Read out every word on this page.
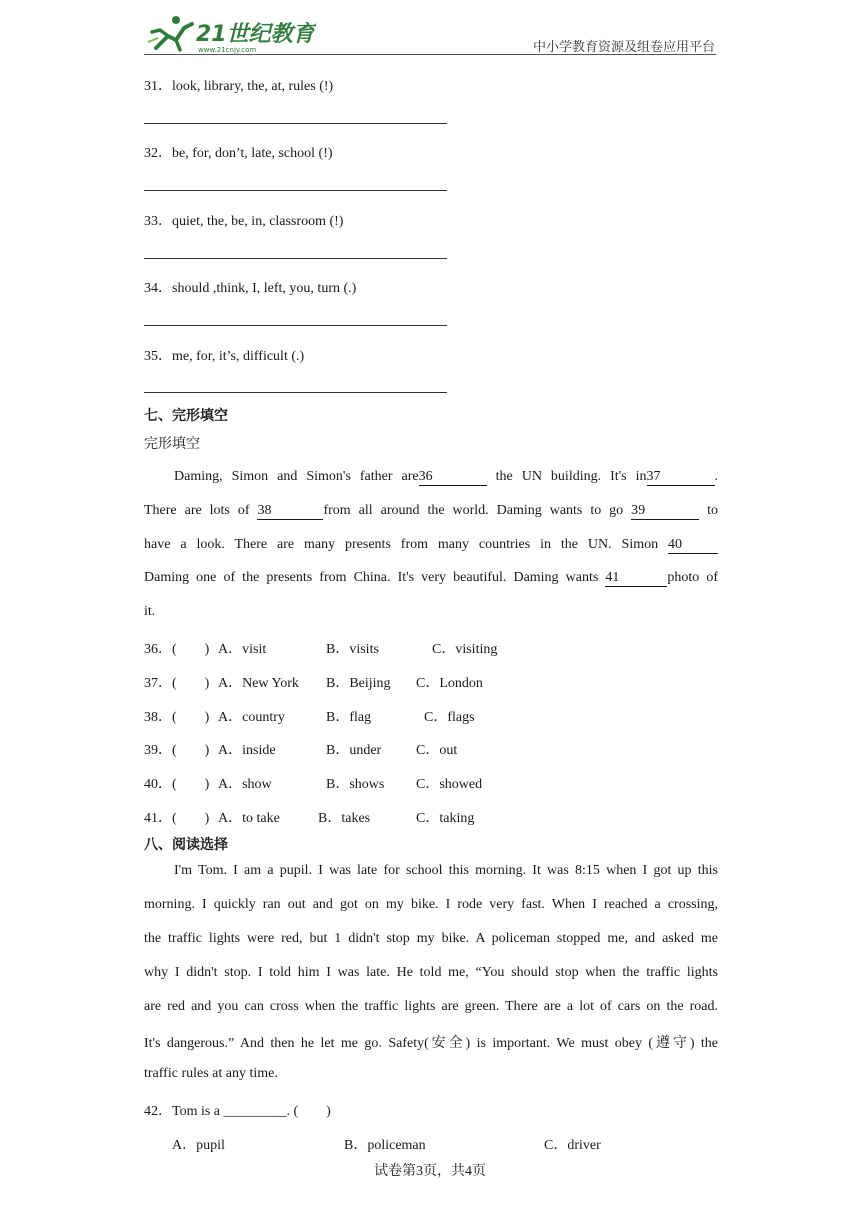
21世纪教育
www.21cnjy.com	中小学教育资源及组卷应用平台
31．look, library, the, at, rules (!)
32．be, for, don’t, late, school (!)
33．quiet, the, be, in, classroom (!)
34．should ,think, I, left, you, turn (.)
35．me, for, it’s, difficult (.)
七、完形填空
完形填空
Daming, Simon and Simon's father are36	the UN building. It's in37	.
There are lots of 38	from all around the world. Daming wants to go 39	to
have a look. There are many presents from many countries in the UN. Simon 40
Daming one of the presents from China. It's very beautiful. Daming wants 41	photo of
it.
36．(　　) A．visit	B．visits	C．visiting
37．(　　) A．New York B．Beijing C．London
38．(　　) A．country	B．flag	C．flags
39．(　　) A．inside	B．under C．out
40．(　　) A．show	B．shows C．showed
41．(　　) A．to take	B．takes	C．taking
八、阅读选择
I'm Tom. I am a pupil. I was late for school this morning. It was 8:15 when I got up this
morning. I quickly ran out and got on my bike. I rode very fast. When I reached a crossing,
the traffic lights were red, but 1 didn't stop my bike. A policeman stopped me, and asked me
why I didn't stop. I told him I was late. He told me, “You should stop when the traffic lights
are red and you can cross when the traffic lights are green. There are a lot of cars on the road.
It's dangerous.” And then he let me go. Safety(安全) is important. We must obey (遵守) the
traffic rules at any time.
42．Tom is a _________. (　　)
A．pupil	B．policeman	C．driver
试卷第3页，共4页
